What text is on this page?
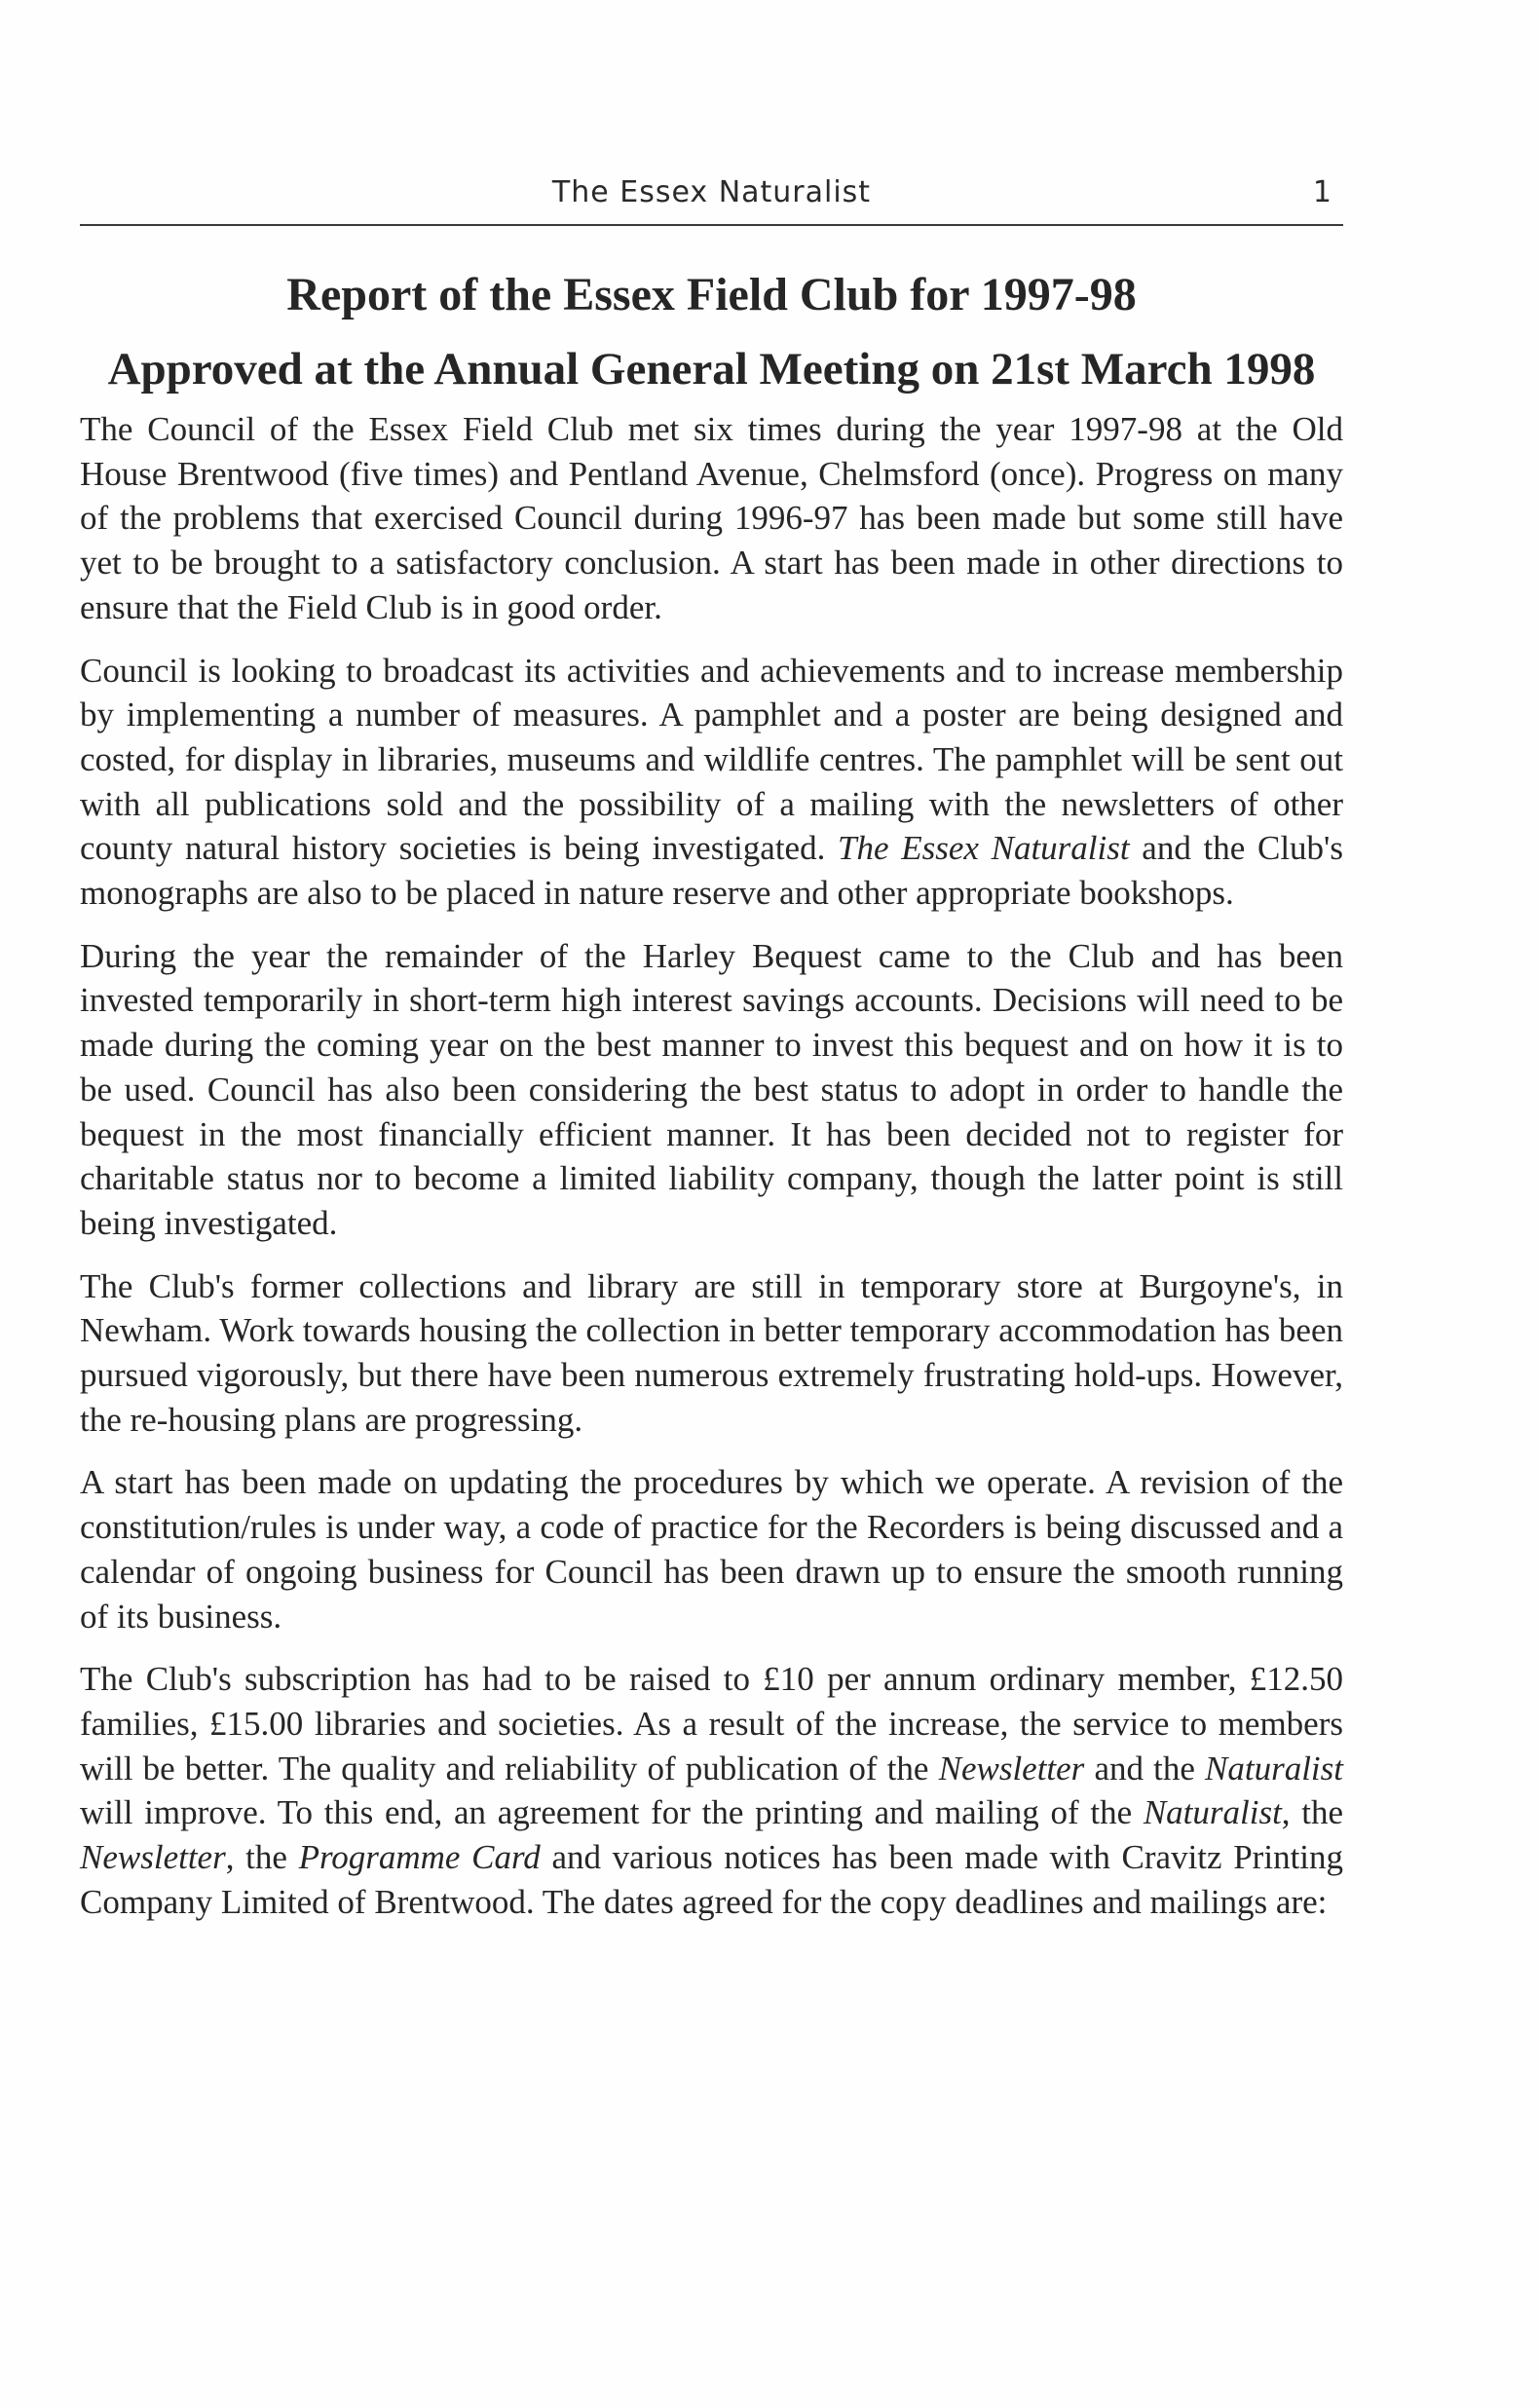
The Essex Naturalist	1
Report of the Essex Field Club for 1997-98
Approved at the Annual General Meeting on 21st March 1998

The Council of the Essex Field Club met six times during the year 1997-98 at the Old House Brentwood (five times) and Pentland Avenue, Chelmsford (once). Progress on many of the problems that exercised Council during 1996-97 has been made but some still have yet to be brought to a satisfactory conclusion. A start has been made in other directions to ensure that the Field Club is in good order.

Council is looking to broadcast its activities and achievements and to increase membership by implementing a number of measures. A pamphlet and a poster are being designed and costed, for display in libraries, museums and wildlife centres. The pamphlet will be sent out with all publications sold and the possibility of a mailing with the newsletters of other county natural history societies is being investigated. The Essex Naturalist and the Club's monographs are also to be placed in nature reserve and other appropriate bookshops.

During the year the remainder of the Harley Bequest came to the Club and has been invested temporarily in short-term high interest savings accounts. Decisions will need to be made during the coming year on the best manner to invest this bequest and on how it is to be used. Council has also been considering the best status to adopt in order to handle the bequest in the most financially efficient manner. It has been decided not to register for charitable status nor to become a limited liability company, though the latter point is still being investigated.

The Club's former collections and library are still in temporary store at Burgoyne's, in Newham. Work towards housing the collection in better temporary accommodation has been pursued vigorously, but there have been numerous extremely frustrating hold-ups. However, the re-housing plans are progressing.

A start has been made on updating the procedures by which we operate. A revision of the constitution/rules is under way, a code of practice for the Recorders is being discussed and a calendar of ongoing business for Council has been drawn up to ensure the smooth running of its business.

The Club's subscription has had to be raised to £10 per annum ordinary member, £12.50 families, £15.00 libraries and societies. As a result of the increase, the service to members will be better. The quality and reliability of publication of the Newsletter and the Naturalist will improve. To this end, an agreement for the printing and mailing of the Naturalist, the Newsletter, the Programme Card and various notices has been made with Cravitz Printing Company Limited of Brentwood. The dates agreed for the copy deadlines and mailings are:
